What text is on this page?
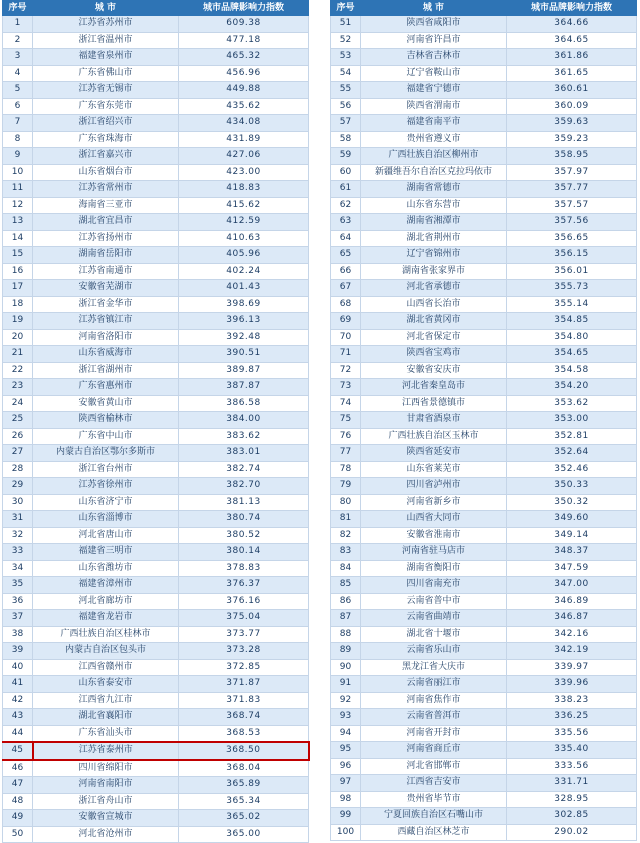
序号	城 市	城市品牌影响力指数
1	江苏省苏州市	609.38
2	浙江省温州市	477.18
3	福建省泉州市	465.32
4	广东省佛山市	456.96
5	江苏省无锡市	449.88
6	广东省东莞市	435.62
7	浙江省绍兴市	434.08
8	广东省珠海市	431.89
9	浙江省嘉兴市	427.06
10	山东省烟台市	423.00
11	江苏省常州市	418.83
12	海南省三亚市	415.62
13	湖北省宜昌市	412.59
14	江苏省扬州市	410.63
15	湖南省岳阳市	405.96
16	江苏省南通市	402.24
17	安徽省芜湖市	401.43
18	浙江省金华市	398.69
19	江苏省镇江市	396.13
20	河南省洛阳市	392.48
21	山东省威海市	390.51
22	浙江省湖州市	389.87
23	广东省惠州市	387.87
24	安徽省黄山市	386.58
25	陕西省榆林市	384.00
26	广东省中山市	383.62
27	内蒙古自治区鄂尔多斯市	383.01
28	浙江省台州市	382.74
29	江苏省徐州市	382.70
30	山东省济宁市	381.13
31	山东省淄博市	380.74
32	河北省唐山市	380.52
33	福建省三明市	380.14
34	山东省潍坊市	378.83
35	福建省漳州市	376.37
36	河北省廊坊市	376.16
37	福建省龙岩市	375.04
38	广西壮族自治区桂林市	373.77
39	内蒙古自治区包头市	373.28
40	江西省赣州市	372.85
41	山东省泰安市	371.87
42	江西省九江市	371.83
43	湖北省襄阳市	368.74
44	广东省汕头市	368.53
45	江苏省泰州市	368.50
46	四川省绵阳市	368.04
47	河南省南阳市	365.89
48	浙江省舟山市	365.34
49	安徽省宣城市	365.02
50	河北省沧州市	365.00
序号	城 市	城市品牌影响力指数
51	陕西省咸阳市	364.66
52	河南省许昌市	364.65
53	吉林省吉林市	361.86
54	辽宁省鞍山市	361.65
55	福建省宁德市	360.61
56	陕西省渭南市	360.09
57	福建省南平市	359.63
58	贵州省遵义市	359.23
59	广西壮族自治区柳州市	358.95
60	新疆维吾尔自治区克拉玛依市	357.97
61	湖南省常德市	357.77
62	山东省东营市	357.57
63	湖南省湘潭市	357.56
64	湖北省荆州市	356.65
65	辽宁省锦州市	356.15
66	湖南省张家界市	356.01
67	河北省承德市	355.73
68	山西省长治市	355.14
69	湖北省黄冈市	354.85
70	河北省保定市	354.80
71	陕西省宝鸡市	354.65
72	安徽省安庆市	354.58
73	河北省秦皇岛市	354.20
74	江西省景德镇市	353.62
75	甘肃省酒泉市	353.00
76	广西壮族自治区玉林市	352.81
77	陕西省延安市	352.64
78	山东省莱芜市	352.46
79	四川省泸州市	350.33
80	河南省新乡市	350.32
81	山西省大同市	349.60
82	安徽省淮南市	349.14
83	河南省驻马店市	348.37
84	湖南省衡阳市	347.59
85	四川省南充市	347.00
86	云南省普中市	346.89
87	云南省曲靖市	346.87
88	湖北省十堰市	342.16
89	云南省乐山市	342.19
90	黑龙江省大庆市	339.97
91	云南省丽江市	339.96
92	河南省焦作市	338.23
93	云南省普洱市	336.25
94	河南省开封市	335.56
95	河南省商丘市	335.40
96	河北省邯郸市	333.56
97	江西省吉安市	331.71
98	贵州省毕节市	328.95
99	宁夏回族自治区石嘴山市	302.85
100	西藏自治区林芝市	290.02
